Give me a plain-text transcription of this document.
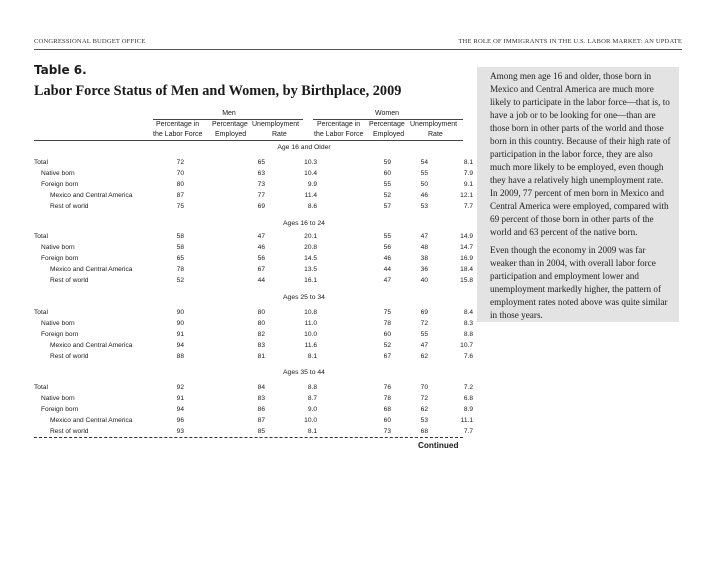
CONGRESSIONAL BUDGET OFFICE	THE ROLE OF IMMIGRANTS IN THE U.S. LABOR MARKET: AN UPDATE
Table 6.
Labor Force Status of Men and Women, by Birthplace, 2009
Men	Women
Percentage in
the Labor Force
Percentage
Employed
Unemployment
Rate
Percentage in
the Labor Force
Percentage
Employed
Unemployment
Rate
Age 16 and Older
Total	72	65	10.3	59	54	8.1
Native born	70	63	10.4	60	55	7.9
Foreign born	80	73	9.9	55	50	9.1
Mexico and Central America	87	77	11.4	52	46	12.1
Rest of world	75	69	8.6	57	53	7.7
Ages 16 to 24
Total	58	47	20.1	55	47	14.9
Native born	58	46	20.8	56	48	14.7
Foreign born	65	56	14.5	46	38	16.9
Mexico and Central America	78	67	13.5	44	36	18.4
Rest of world	52	44	16.1	47	40	15.8
Ages 25 to 34
Total	90	80	10.8	75	69	8.4
Native born	90	80	11.0	78	72	8.3
Foreign born	91	82	10.0	60	55	8.8
Mexico and Central America	94	83	11.6	52	47	10.7
Rest of world	88	81	8.1	67	62	7.6
Ages 35 to 44
Total	92	84	8.8	76	70	7.2
Native born	91	83	8.7	78	72	6.8
Foreign born	94	86	9.0	68	62	8.9
Mexico and Central America	96	87	10.0	60	53	11.1
Rest of world	93	85	8.1	73	68	7.7
Continued

Among men age 16 and older, those born in Mexico and Central America are much more likely to participate in the labor force—that is, to have a job or to be looking for one—than are those born in other parts of the world and those born in this country. Because of their high rate of participation in the labor force, they are also much more likely to be employed, even though they have a relatively high unemployment rate. In 2009, 77 percent of men born in Mexico and Central America were employed, compared with 69 percent of those born in other parts of the world and 63 percent of the native born.

Even though the economy in 2009 was far weaker than in 2004, with overall labor force participation and employment lower and unemployment markedly higher, the pattern of employment rates noted above was quite similar in those years.
